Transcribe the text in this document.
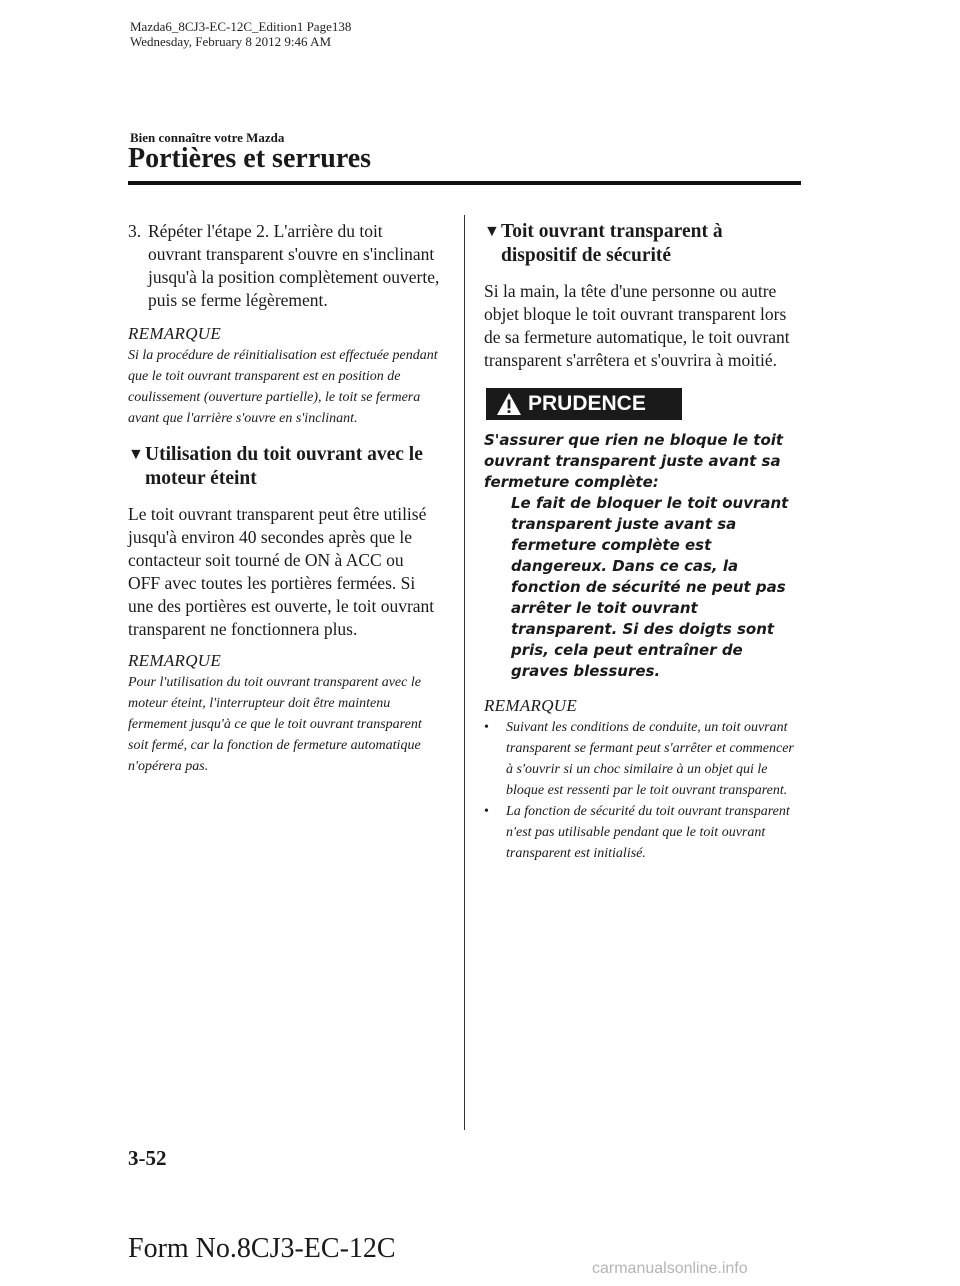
Mazda6_8CJ3-EC-12C_Edition1 Page138
Wednesday, February 8 2012 9:46 AM
Bien connaître votre Mazda
Portières et serrures
3. Répéter l'étape 2. L'arrière du toit ouvrant transparent s'ouvre en s'inclinant jusqu'à la position complètement ouverte, puis se ferme légèrement.

REMARQUE

Si la procédure de réinitialisation est effectuée pendant que le toit ouvrant transparent est en position de coulissement (ouverture partielle), le toit se fermera avant que l'arrière s'ouvre en s'inclinant.

▼ Utilisation du toit ouvrant avec le moteur éteint

Le toit ouvrant transparent peut être utilisé jusqu'à environ 40 secondes après que le contacteur soit tourné de ON à ACC ou OFF avec toutes les portières fermées. Si une des portières est ouverte, le toit ouvrant transparent ne fonctionnera plus.

REMARQUE

Pour l'utilisation du toit ouvrant transparent avec le moteur éteint, l'interrupteur doit être maintenu fermement jusqu'à ce que le toit ouvrant transparent soit fermé, car la fonction de fermeture automatique n'opérera pas.

▼ Toit ouvrant transparent à dispositif de sécurité

Si la main, la tête d'une personne ou autre objet bloque le toit ouvrant transparent lors de sa fermeture automatique, le toit ouvrant transparent s'arrêtera et s'ouvrira à moitié.

PRUDENCE

S'assurer que rien ne bloque le toit ouvrant transparent juste avant sa fermeture complète:

Le fait de bloquer le toit ouvrant transparent juste avant sa fermeture complète est dangereux. Dans ce cas, la fonction de sécurité ne peut pas arrêter le toit ouvrant transparent. Si des doigts sont pris, cela peut entraîner de graves blessures.

REMARQUE

•	Suivant les conditions de conduite, un toit ouvrant transparent se fermant peut s'arrêter et commencer à s'ouvrir si un choc similaire à un objet qui le bloque est ressenti par le toit ouvrant transparent.
•	La fonction de sécurité du toit ouvrant transparent n'est pas utilisable pendant que le toit ouvrant transparent est initialisé.
3-52
Form No.8CJ3-EC-12C
carmanualsonline.info
